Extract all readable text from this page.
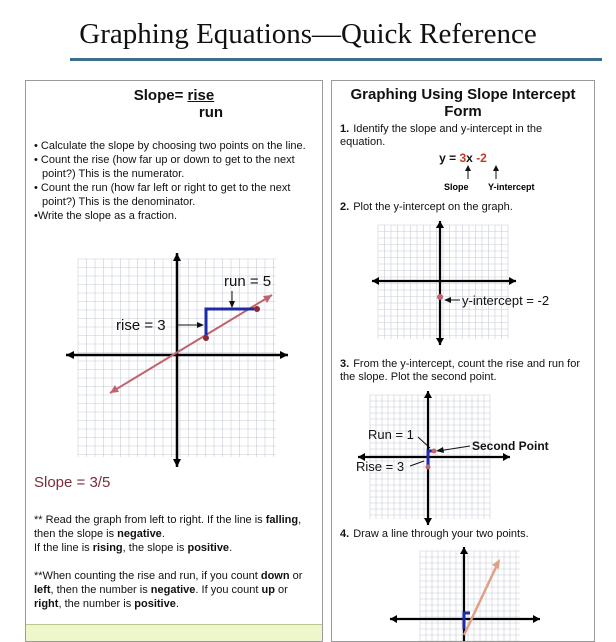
Graphing Equations—Quick Reference
Slope= rise
run
• Calculate the slope by choosing two points on the line.
• Count the rise (how far up or down to get to the next point?) This is the numerator.
• Count the run (how far left or right to get to the next point?) This is the denominator.
•Write the slope as a fraction.
run = 5
rise = 3
Slope = 3/5
** Read the graph from left to right. If the line is falling, then the slope is negative.
If the line is rising, the slope is positive.
**When counting the rise and run, if you count down or left, then the number is negative. If you count up or right, the number is positive.
Graphing Using Slope Intercept Form
1. Identify the slope and y-intercept in the equation.
y = 3x -2
Slope Y-intercept
2. Plot the y-intercept on the graph.
y-intercept = -2
3. From the y-intercept, count the rise and run for the slope. Plot the second point.
Run = 1
Rise = 3
Second Point
4. Draw a line through your two points.
